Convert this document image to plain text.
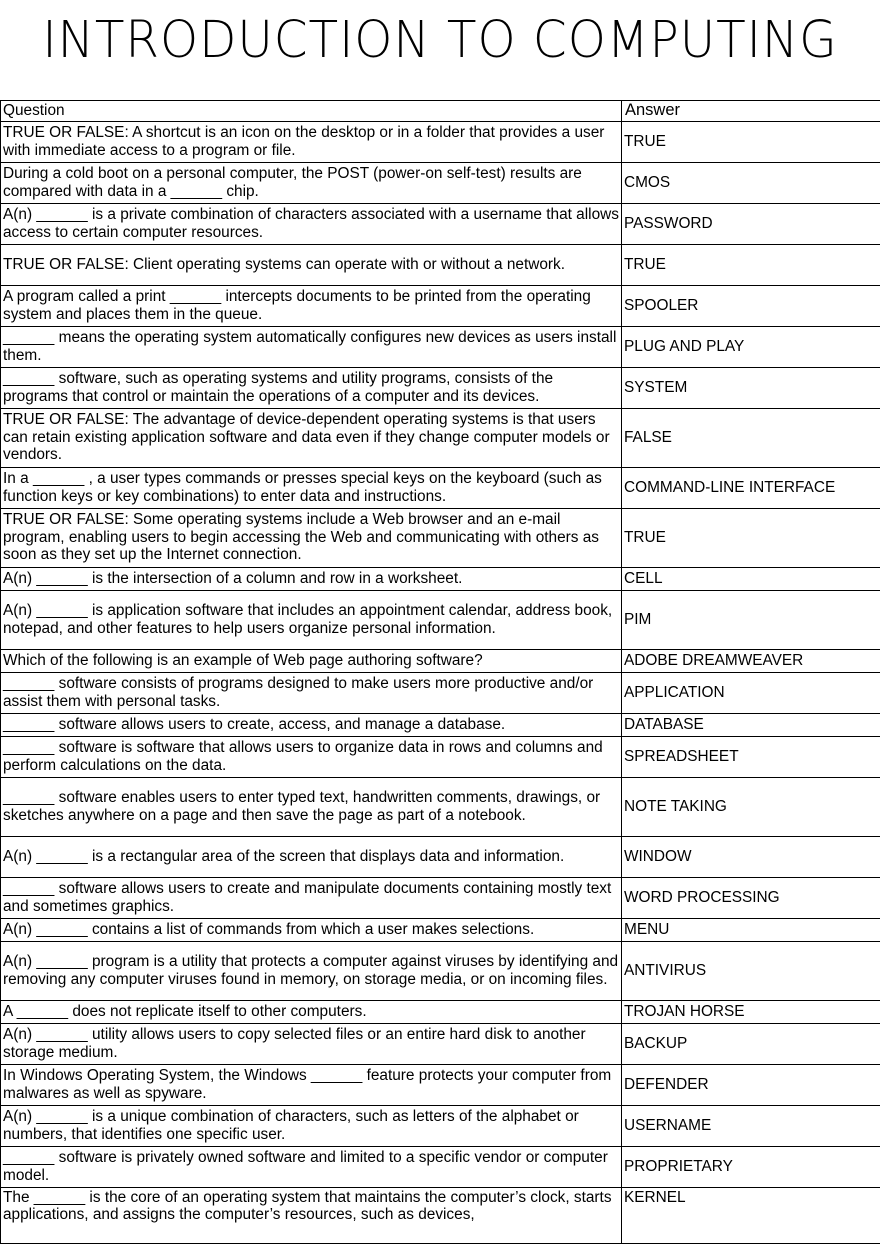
INTRODUCTION TO COMPUTING
Question	Answer
TRUE OR FALSE: A shortcut is an icon on the desktop or in a folder that provides a user with immediate access to a program or file.	TRUE
During a cold boot on a personal computer, the POST (power-on self-test) results are compared with data in a ______ chip.	CMOS
A(n) ______ is a private combination of characters associated with a username that allows access to certain computer resources.	PASSWORD
TRUE OR FALSE: Client operating systems can operate with or without a network.	TRUE
A program called a print ______ intercepts documents to be printed from the operating system and places them in the queue.	SPOOLER
______ means the operating system automatically configures new devices as users install them.	PLUG AND PLAY
______ software, such as operating systems and utility programs, consists of the programs that control or maintain the operations of a computer and its devices.	SYSTEM
TRUE OR FALSE: The advantage of device-dependent operating systems is that users can retain existing application software and data even if they change computer models or vendors.	FALSE
In a ______ , a user types commands or presses special keys on the keyboard (such as function keys or key combinations) to enter data and instructions.	COMMAND-LINE INTERFACE
TRUE OR FALSE: Some operating systems include a Web browser and an e-mail program, enabling users to begin accessing the Web and communicating with others as soon as they set up the Internet connection.	TRUE
A(n) ______ is the intersection of a column and row in a worksheet.	CELL
A(n) ______ is application software that includes an appointment calendar, address book, notepad, and other features to help users organize personal information.	PIM
Which of the following is an example of Web page authoring software?	ADOBE DREAMWEAVER
______ software consists of programs designed to make users more productive and/or assist them with personal tasks.	APPLICATION
______ software allows users to create, access, and manage a database.	DATABASE
______ software is software that allows users to organize data in rows and columns and perform calculations on the data.	SPREADSHEET
______ software enables users to enter typed text, handwritten comments, drawings, or sketches anywhere on a page and then save the page as part of a notebook.	NOTE TAKING
A(n) ______ is a rectangular area of the screen that displays data and information.	WINDOW
______ software allows users to create and manipulate documents containing mostly text and sometimes graphics.	WORD PROCESSING
A(n) ______ contains a list of commands from which a user makes selections.	MENU
A(n) ______ program is a utility that protects a computer against viruses by identifying and removing any computer viruses found in memory, on storage media, or on incoming files.	ANTIVIRUS
A ______ does not replicate itself to other computers.	TROJAN HORSE
A(n) ______ utility allows users to copy selected files or an entire hard disk to another storage medium.	BACKUP
In Windows Operating System, the Windows ______ feature protects your computer from malwares as well as spyware.	DEFENDER
A(n) ______ is a unique combination of characters, such as letters of the alphabet or numbers, that identifies one specific user.	USERNAME
______ software is privately owned software and limited to a specific vendor or computer model.	PROPRIETARY
The ______ is the core of an operating system that maintains the computer’s clock, starts applications, and assigns the computer’s resources, such as devices,	KERNEL
